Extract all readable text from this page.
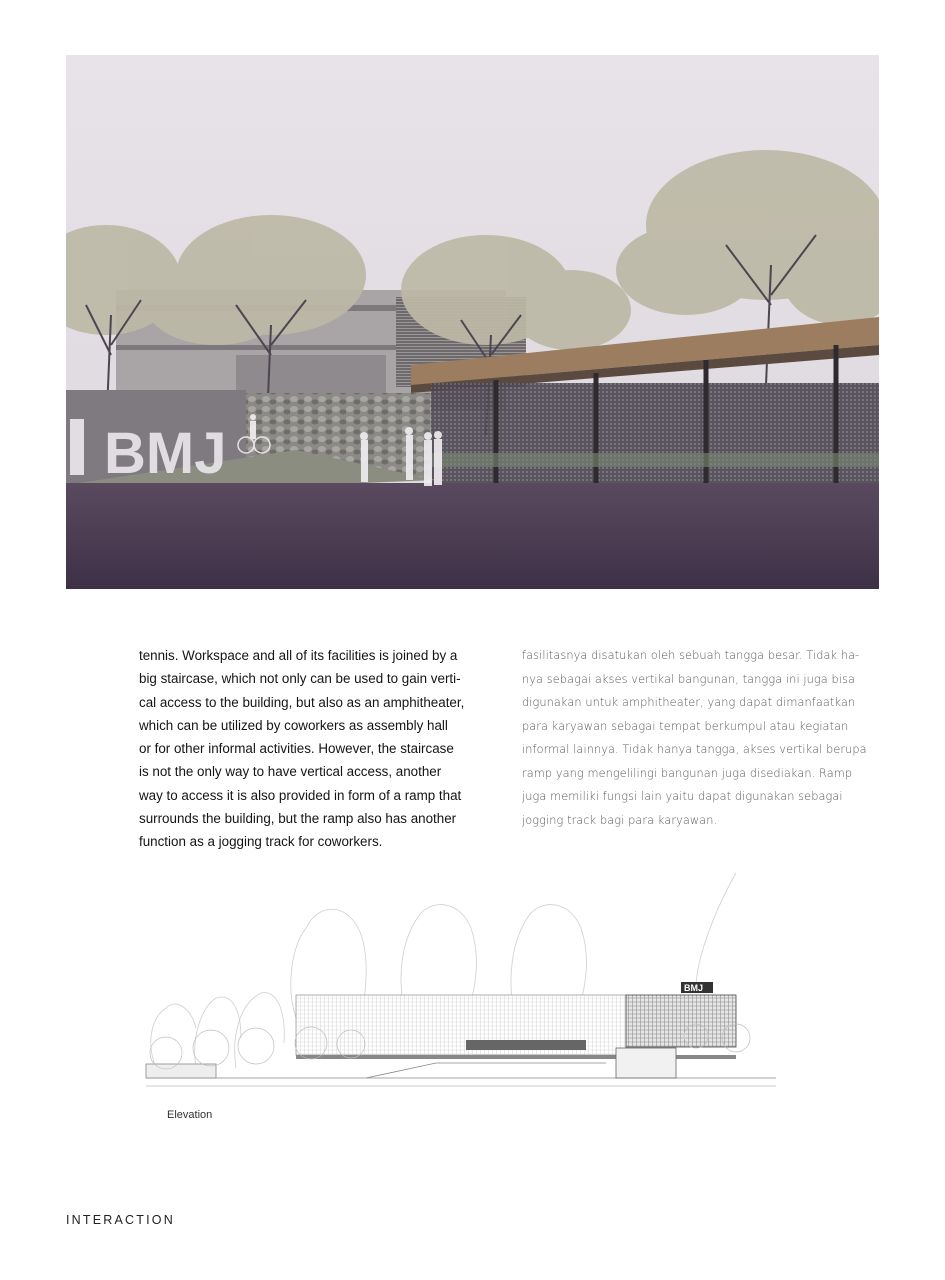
BMJ

tennis. Workspace and all of its facilities is joined by a
big staircase, which not only can be used to gain verti-
cal access to the building, but also as an amphitheater,
which can be utilized by coworkers as assembly hall
or for other informal activities. However, the staircase
is not the only way to have vertical access, another
way to access it is also provided in form of a ramp that
surrounds the building, but the ramp also has another
function as a jogging track for coworkers.

fasilitasnya disatukan oleh sebuah tangga besar. Tidak ha-
nya sebagai akses vertikal bangunan, tangga ini juga bisa
digunakan untuk amphitheater, yang dapat dimanfaatkan
para karyawan sebagai tempat berkumpul atau kegiatan
informal lainnya. Tidak hanya tangga, akses vertikal berupa
ramp yang mengelilingi bangunan juga disediakan. Ramp
juga memiliki fungsi lain yaitu dapat digunakan sebagai
jogging track bagi para karyawan.

BMJ
Elevation
INTERACTION
